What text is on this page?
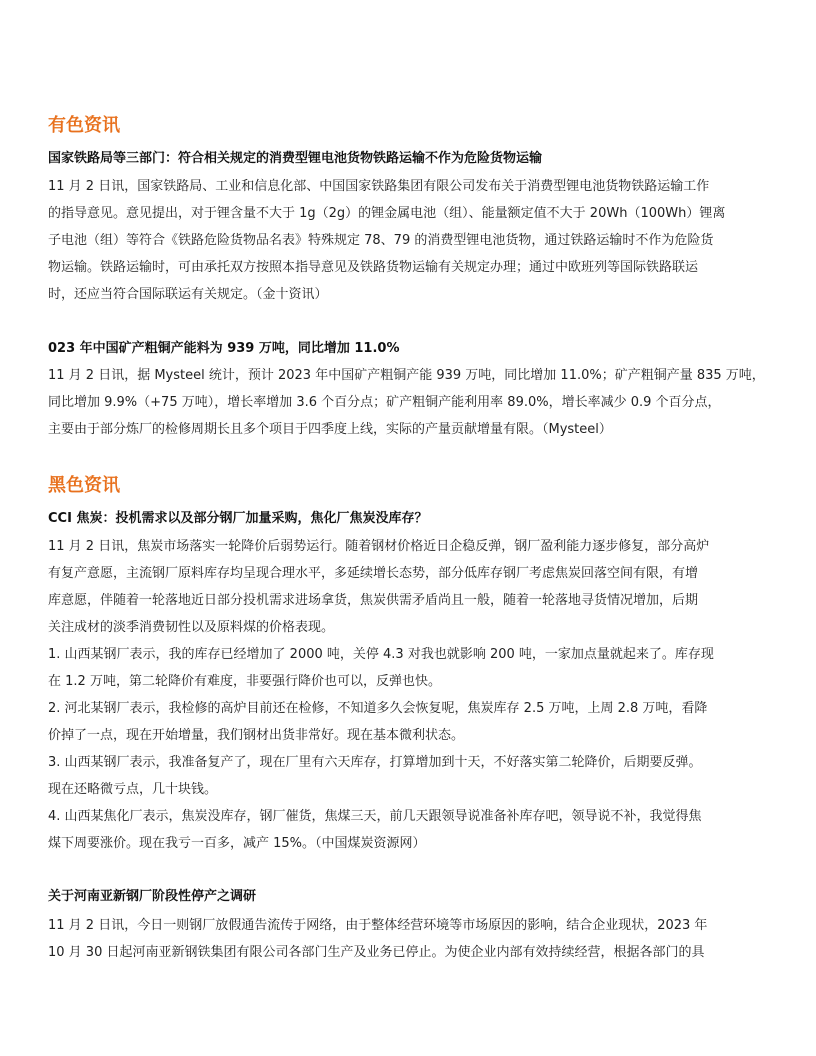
有色资讯
国家铁路局等三部门：符合相关规定的消费型锂电池货物铁路运输不作为危险货物运输
11 月 2 日讯，国家铁路局、工业和信息化部、中国国家铁路集团有限公司发布关于消费型锂电池货物铁路运输工作
的指导意见。意见提出，对于锂含量不大于 1g（2g）的锂金属电池（组）、能量额定值不大于 20Wh（100Wh）锂离
子电池（组）等符合《铁路危险货物品名表》特殊规定 78、79 的消费型锂电池货物，通过铁路运输时不作为危险货
物运输。铁路运输时，可由承托双方按照本指导意见及铁路货物运输有关规定办理；通过中欧班列等国际铁路联运
时，还应当符合国际联运有关规定。（金十资讯）
023 年中国矿产粗铜产能料为 939 万吨，同比增加 11.0%
11 月 2 日讯，据 Mysteel 统计，预计 2023 年中国矿产粗铜产能 939 万吨，同比增加 11.0%；矿产粗铜产量 835 万吨，
同比增加 9.9%（+75 万吨），增长率增加 3.6 个百分点；矿产粗铜产能利用率 89.0%，增长率减少 0.9 个百分点，
主要由于部分炼厂的检修周期长且多个项目于四季度上线，实际的产量贡献增量有限。（Mysteel）
黑色资讯
CCI 焦炭：投机需求以及部分钢厂加量采购，焦化厂焦炭没库存？
11 月 2 日讯，焦炭市场落实一轮降价后弱势运行。随着钢材价格近日企稳反弹，钢厂盈利能力逐步修复，部分高炉
有复产意愿，主流钢厂原料库存均呈现合理水平，多延续增长态势，部分低库存钢厂考虑焦炭回落空间有限，有增
库意愿，伴随着一轮落地近日部分投机需求进场拿货，焦炭供需矛盾尚且一般，随着一轮落地寻货情况增加，后期
关注成材的淡季消费韧性以及原料煤的价格表现。
1. 山西某钢厂表示，我的库存已经增加了 2000 吨，关停 4.3 对我也就影响 200 吨，一家加点量就起来了。库存现
在 1.2 万吨，第二轮降价有难度，非要强行降价也可以，反弹也快。
2. 河北某钢厂表示，我检修的高炉目前还在检修，不知道多久会恢复呢，焦炭库存 2.5 万吨，上周 2.8 万吨，看降
价掉了一点，现在开始增量，我们钢材出货非常好。现在基本微利状态。
3. 山西某钢厂表示，我准备复产了，现在厂里有六天库存，打算增加到十天，不好落实第二轮降价，后期要反弹。
现在还略微亏点，几十块钱。
4. 山西某焦化厂表示，焦炭没库存，钢厂催货，焦煤三天，前几天跟领导说准备补库存吧，领导说不补，我觉得焦
煤下周要涨价。现在我亏一百多，减产 15%。（中国煤炭资源网）
关于河南亚新钢厂阶段性停产之调研
11 月 2 日讯，今日一则钢厂放假通告流传于网络，由于整体经营环境等市场原因的影响，结合企业现状，2023 年
10 月 30 日起河南亚新钢铁集团有限公司各部门生产及业务已停止。为使企业内部有效持续经营，根据各部门的具
